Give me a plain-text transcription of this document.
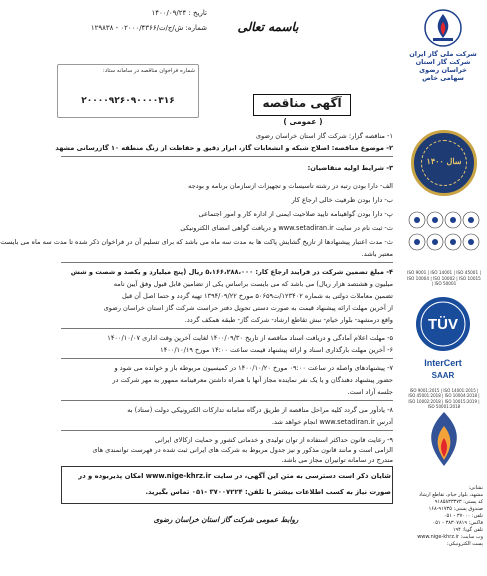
شرکت ملی گاز ایران
شرکت گاز استان خراسان رضوی
سهامی خاص
سال ۱۴۰۰
ISO 9001 | ISO 14001 | ISO 45001 | ISO 10004 | ISO 10002 | ISO 10015 | ISO 50001
TÜV
InterCert
SAAR
ISO 9001:2015 | ISO 14001:2015 | ISO 45001:2018 | ISO 10004:2018 | ISO 10002:2018 | ISO 10015:2019 | ISO 50001:2018
نشانی:
مشهد، بلوار خیام، تقاطع ارشاد
کد پستی: ۹۱۸۵۸۳۳۳۷۳
صندوق پستی: ۹۱۷۳۵-۱۶۸
تلفن: ۳۷۰۰۰ - ۰۵۱
فاکس: ۳۸۳۰۷۸۱۹ - ۰۵۱
تلفن گویا: ۱۹۴
وب سایت: www.nige-khrz.ir
پست الکترونیکی:
تاریخ : ۱۴۰۰/۰۹/۲۴
شماره: ش/ج/ت/۰۲۰۰۰/۴۳۶۶ - ۱۲۹۸۳۸	باسمه تعالی
شماره فراخوان مناقصه در سامانه ستاد:
۲۰۰۰۰۹۲۶۰۹۰۰۰۰۳۱۶	آگهی مناقصه
( عمومی )
۱- مناقصه گزار: شرکت گاز استان خراسان رضوی
۲- موضوع مناقصه: اصلاح شبکه و انشعابات گاز، ابزار دقیق و حفاظت از زنگ منطقه ۱۰ گازرسانی مشهد
۳- شرایط اولیه متقاضیان:
الف- دارا بودن رتبه در رشته تاسیسات و تجهیزات ازسازمان برنامه و بودجه
ب- دارا بودن ظرفیت خالی ارجاع کار
پ- دارا بودن گواهینامه تایید صلاحیت ایمنی از اداره کار و امور اجتماعی
ت- ثبت نام در سایت www.setadiran.ir و دریافت گواهی امضای الکترونیکی
ث- مدت اعتبار پیشنهادها از تاریخ گشایش پاکت ها به مدت سه ماه می باشد که برای تسلیم آن در فراخوان ذکر شده تا مدت سه ماه می بایست
معتبر باشد.
۴- مبلغ تضمین شرکت در فرایند ارجاع کار: ۵،۱۶۶،۲۸۸،۰۰۰ ریال (پنج میلیارد و یکصد و شصت و شش
میلیون و هشتصد هزار ریال) می باشد که می بایست براساس یکی از تضامین قابل قبول وفق آیین نامه
تضمین معاملات دولتی به شماره ۱۲۳۴۰۲/ت۵۰۶۵۹ مورخ ۱۳۹۴/۰۹/۲۲ تهیه گردد و حتما اصل آن قبل
از آخرین مهلت ارائه پیشنهاد قیمت به صورت دستی تحویل دفتر حراست شرکت گاز استان خراسان رضوی
واقع درمشهد- بلوار خیام- نبش تقاطع ارشاد- شرکت گاز- طبقه همکف گردد.
۵- مهلت اعلام آمادگی و دریافت اسناد مناقصه از تاریخ ۱۴۰۰/۰۹/۳۰ لغایت آخرین وقت اداری ۱۴۰۰/۱۰/۰۷
۶- آخرین مهلت بارگذاری اسناد و ارائه پیشنهاد قیمت ساعت ۱۴:۰۰ مورخ ۱۴۰۰/۱۰/۱۹
۷- پیشنهادهای واصله در ساعت ۰۹:۰۰ مورخ ۱۴۰۰/۱۰/۲۰ در کمیسیون مربوطه باز و خوانده می شود و
حضور پیشنهاد دهندگان و یا یک نفر نماینده مجاز آنها با همراه داشتن معرفینامه ممهور به مهر شرکت در
جلسه آزاد است.
۸- یادآور می گردد کلیه مراحل مناقصه از طریق درگاه سامانه تدارکات الکترونیکی دولت (ستاد) به
آدرس www.setadiran.ir انجام خواهد شد.
۹- رعایت قانون حداکثر استفاده از توان تولیدی و خدماتی کشور و حمایت ازکالای ایرانی
الزامی است و مانند قانون مذکور و نیز جدول مربوط به شرکت های ایرانی ثبت شده در فهرست توانمندی های
مندرج در سامانه توانیران مجاز می باشد.
شایان ذکر است دسترسی به متن این آگهی، در سایت www.nige-khrz.ir امکان پذیربوده و در
صورت نیاز به کسب اطلاعات بیشتر با تلفن: ۳۷۰۰۷۲۲۴ -۰۵۱ تماس بگیرید.
روابط عمومی شرکت گاز استان خراسان رضوی
